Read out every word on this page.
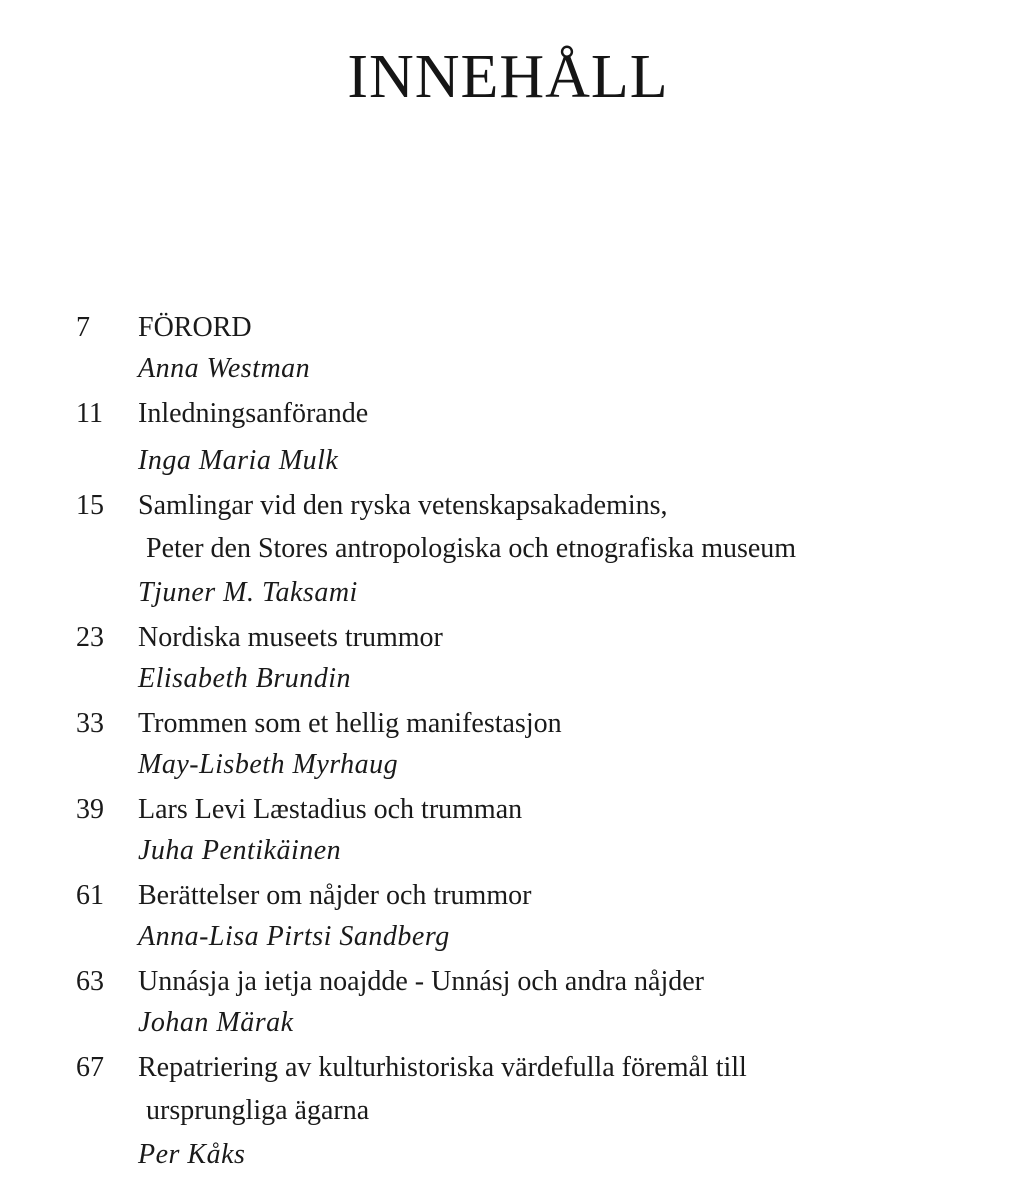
INNEHÅLL
7	FÖRORD
Anna Westman
11	Inledningsanförande
Inga Maria Mulk
15	Samlingar vid den ryska vetenskapsakademins,
Peter den Stores antropologiska och etnografiska museum
Tjuner M. Taksami
23	Nordiska museets trummor
Elisabeth Brundin
33	Trommen som et hellig manifestasjon
May-Lisbeth Myrhaug
39	Lars Levi Læstadius och trumman
Juha Pentikäinen
61	Berättelser om nåjder och trummor
Anna-Lisa Pirtsi Sandberg
63	Unnásja ja ietja noajdde - Unnásj och andra nåjder
Johan Märak
67	Repatriering av kulturhistoriska värdefulla föremål till
ursprungliga ägarna
Per Kåks
